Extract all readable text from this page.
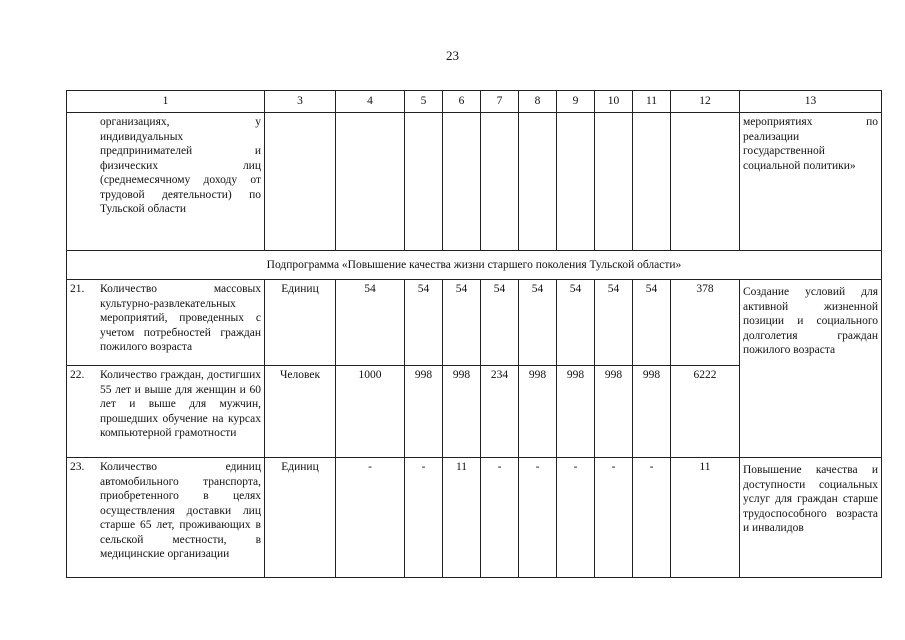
23
1	3	4	5	6	7	8	9	10	11	12	13
организациях, у индивидуальных предпринимателей и физических лиц (среднемесячному доходу от трудовой деятельности) по Тульской области											мероприятиях по реализации государственной социальной политики»
Подпрограмма «Повышение качества жизни старшего поколения Тульской области»											

21. Количество массовых культурно-развлекательных мероприятий, проведенных с учетом потребностей граждан пожилого возраста	Единиц	54	54	54	54	54	54	54	54	378	Создание условий для активной жизненной позиции и социального долголетия граждан пожилого возраста

22. Количество граждан, достигших 55 лет и выше для женщин и 60 лет и выше для мужчин, прошедших обучение на курсах компьютерной грамотности	Человек	1000	998	998	234	998	998	998	998	6222	

23. Количество единиц автомобильного транспорта, приобретенного в целях осуществления доставки лиц старше 65 лет, проживающих в сельской местности, в медицинские организации	Единиц	-	-	11	-	-	-	-	-	11	Повышение качества и доступности социальных услуг для граждан старше трудоспособного возраста и инвалидов
